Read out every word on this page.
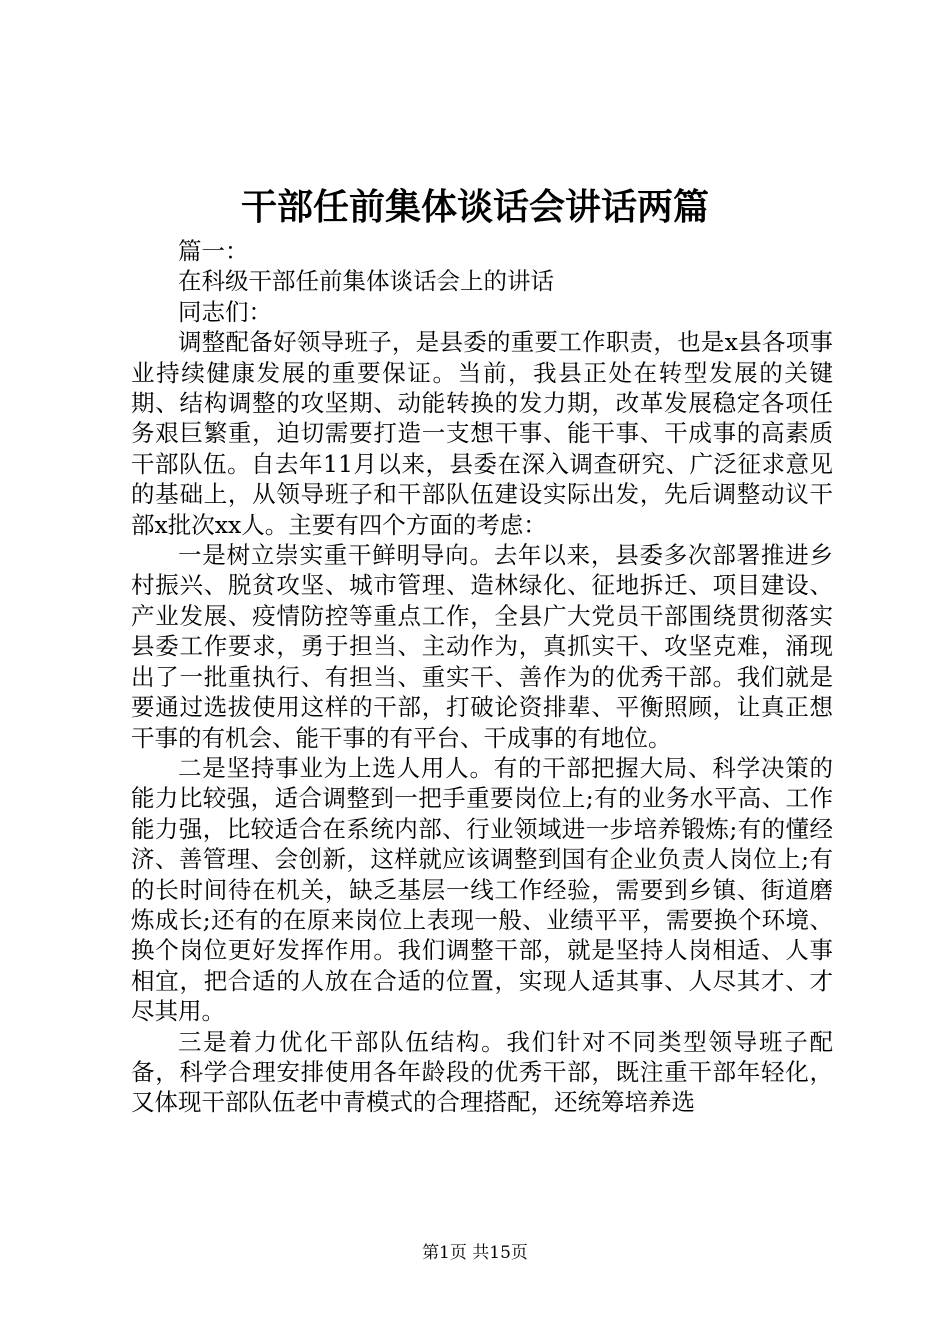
干部任前集体谈话会讲话两篇

篇一：

在科级干部任前集体谈话会上的讲话

同志们：

调整配备好领导班子，是县委的重要工作职责，也是x县各项事业持续健康发展的重要保证。当前，我县正处在转型发展的关键期、结构调整的攻坚期、动能转换的发力期，改革发展稳定各项任务艰巨繁重，迫切需要打造一支想干事、能干事、干成事的高素质干部队伍。自去年11月以来，县委在深入调查研究、广泛征求意见的基础上，从领导班子和干部队伍建设实际出发，先后调整动议干部x批次xx人。主要有四个方面的考虑：

一是树立崇实重干鲜明导向。去年以来，县委多次部署推进乡村振兴、脱贫攻坚、城市管理、造林绿化、征地拆迁、项目建设、产业发展、疫情防控等重点工作，全县广大党员干部围绕贯彻落实县委工作要求，勇于担当、主动作为，真抓实干、攻坚克难，涌现出了一批重执行、有担当、重实干、善作为的优秀干部。我们就是要通过选拔使用这样的干部，打破论资排辈、平衡照顾，让真正想干事的有机会、能干事的有平台、干成事的有地位。

二是坚持事业为上选人用人。有的干部把握大局、科学决策的能力比较强，适合调整到一把手重要岗位上;有的业务水平高、工作能力强，比较适合在系统内部、行业领域进一步培养锻炼;有的懂经济、善管理、会创新，这样就应该调整到国有企业负责人岗位上;有的长时间待在机关，缺乏基层一线工作经验，需要到乡镇、街道磨炼成长;还有的在原来岗位上表现一般、业绩平平，需要换个环境、换个岗位更好发挥作用。我们调整干部，就是坚持人岗相适、人事相宜，把合适的人放在合适的位置，实现人适其事、人尽其才、才尽其用。

三是着力优化干部队伍结构。我们针对不同类型领导班子配备，科学合理安排使用各年龄段的优秀干部，既注重干部年轻化，又体现干部队伍老中青模式的合理搭配，还统筹培养选

第1页 共15页
